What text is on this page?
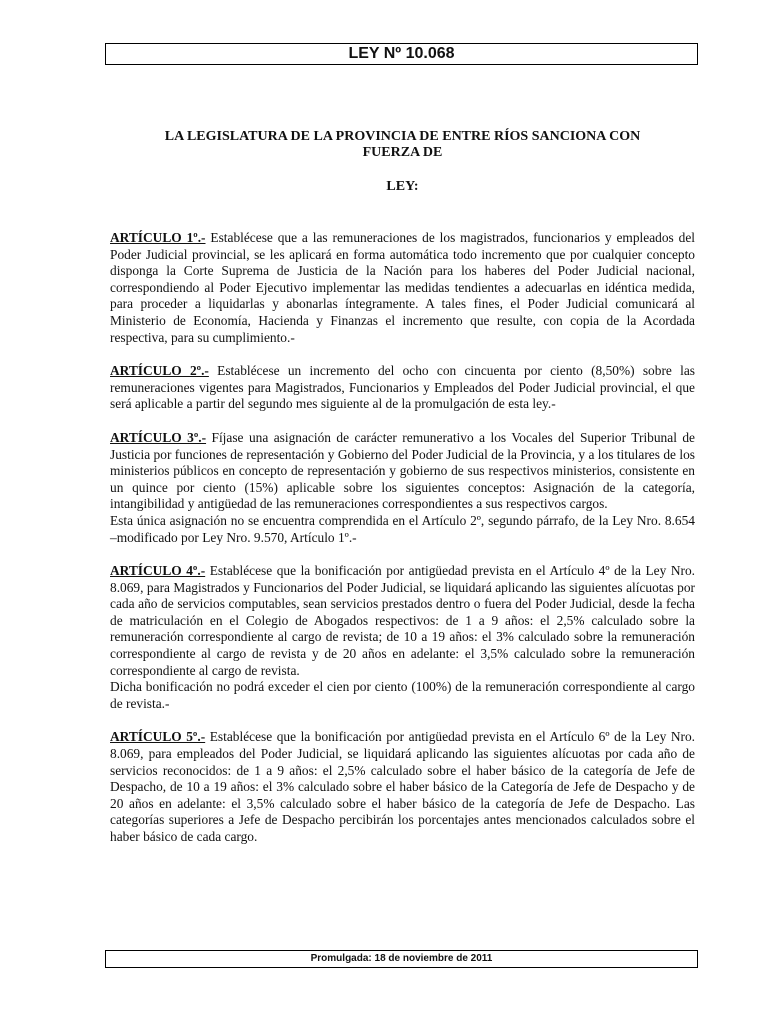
LEY Nº 10.068
LA LEGISLATURA DE LA PROVINCIA DE ENTRE RÍOS SANCIONA CON FUERZA DE
LEY:

ARTÍCULO 1º.- Establécese que a las remuneraciones de los magistrados, funcionarios y empleados del Poder Judicial provincial, se les aplicará en forma automática todo incremento que por cualquier concepto disponga la Corte Suprema de Justicia de la Nación para los haberes del Poder Judicial nacional, correspondiendo al Poder Ejecutivo implementar las medidas tendientes a adecuarlas en idéntica medida, para proceder a liquidarlas y abonarlas íntegramente. A tales fines, el Poder Judicial comunicará al Ministerio de Economía, Hacienda y Finanzas el incremento que resulte, con copia de la Acordada respectiva, para su cumplimiento.-

ARTÍCULO 2º.- Establécese un incremento del ocho con cincuenta por ciento (8,50%) sobre las remuneraciones vigentes para Magistrados, Funcionarios y Empleados del Poder Judicial provincial, el que será aplicable a partir del segundo mes siguiente al de la promulgación de esta ley.-

ARTÍCULO 3º.- Fíjase una asignación de carácter remunerativo a los Vocales del Superior Tribunal de Justicia por funciones de representación y Gobierno del Poder Judicial de la Provincia, y a los titulares de los ministerios públicos en concepto de representación y gobierno de sus respectivos ministerios, consistente en un quince por ciento (15%) aplicable sobre los siguientes conceptos: Asignación de la categoría, intangibilidad y antigüedad de las remuneraciones correspondientes a sus respectivos cargos.

Esta única asignación no se encuentra comprendida en el Artículo 2º, segundo párrafo, de la Ley Nro. 8.654 –modificado por Ley Nro. 9.570, Artículo 1º.-

ARTÍCULO 4º.- Establécese que la bonificación por antigüedad prevista en el Artículo 4º de la Ley Nro. 8.069, para Magistrados y Funcionarios del Poder Judicial, se liquidará aplicando las siguientes alícuotas por cada año de servicios computables, sean servicios prestados dentro o fuera del Poder Judicial, desde la fecha de matriculación en el Colegio de Abogados respectivos: de 1 a 9 años: el 2,5% calculado sobre la remuneración correspondiente al cargo de revista; de 10 a 19 años: el 3% calculado sobre la remuneración correspondiente al cargo de revista y de 20 años en adelante: el 3,5% calculado sobre la remuneración correspondiente al cargo de revista.

Dicha bonificación no podrá exceder el cien por ciento (100%) de la remuneración correspondiente al cargo de revista.-

ARTÍCULO 5º.- Establécese que la bonificación por antigüedad prevista en el Artículo 6º de la Ley Nro. 8.069, para empleados del Poder Judicial, se liquidará aplicando las siguientes alícuotas por cada año de servicios reconocidos: de 1 a 9 años: el 2,5% calculado sobre el haber básico de la categoría de Jefe de Despacho, de 10 a 19 años: el 3% calculado sobre el haber básico de la Categoría de Jefe de Despacho y de 20 años en adelante: el 3,5% calculado sobre el haber básico de la categoría de Jefe de Despacho. Las categorías superiores a Jefe de Despacho percibirán los porcentajes antes mencionados calculados sobre el haber básico de cada cargo.

Promulgada: 18 de noviembre de 2011
